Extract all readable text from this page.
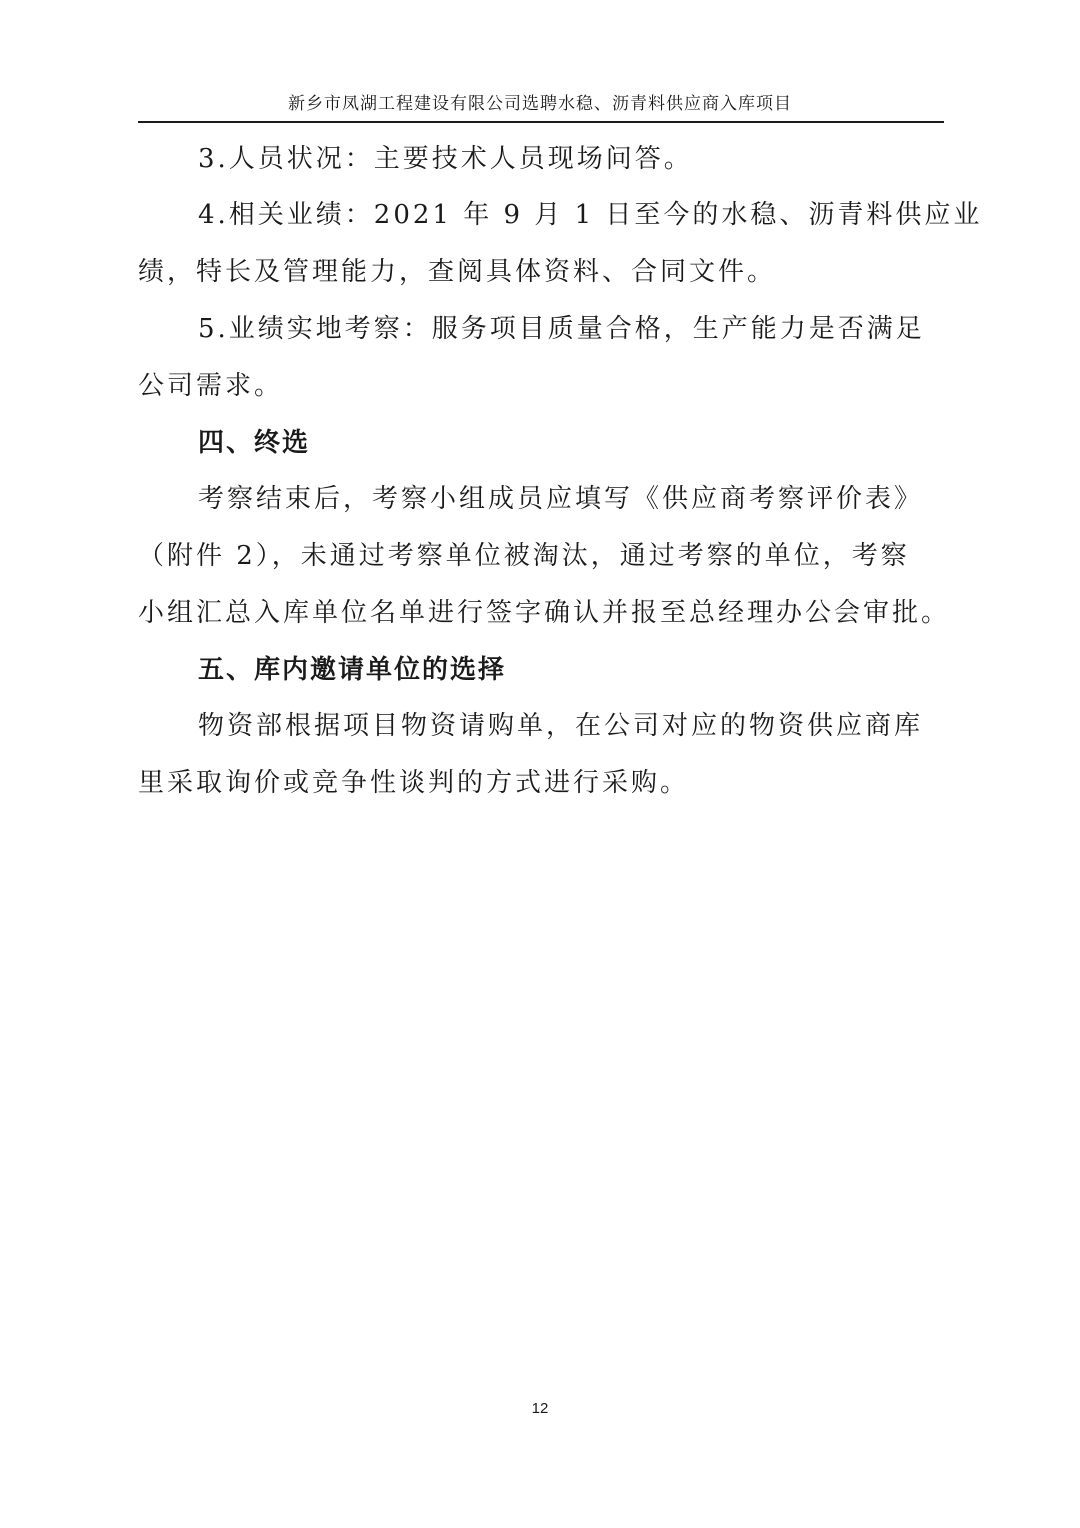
新乡市凤湖工程建设有限公司选聘水稳、沥青料供应商入库项目
3.人员状况：主要技术人员现场问答。
4.相关业绩：2021 年 9 月 1 日至今的水稳、沥青料供应业
绩，特长及管理能力，查阅具体资料、合同文件。
5.业绩实地考察：服务项目质量合格，生产能力是否满足
公司需求。
四、终选
考察结束后，考察小组成员应填写《供应商考察评价表》
（附件 2），未通过考察单位被淘汰，通过考察的单位，考察
小组汇总入库单位名单进行签字确认并报至总经理办公会审批。
五、库内邀请单位的选择
物资部根据项目物资请购单，在公司对应的物资供应商库
里采取询价或竞争性谈判的方式进行采购。
12
